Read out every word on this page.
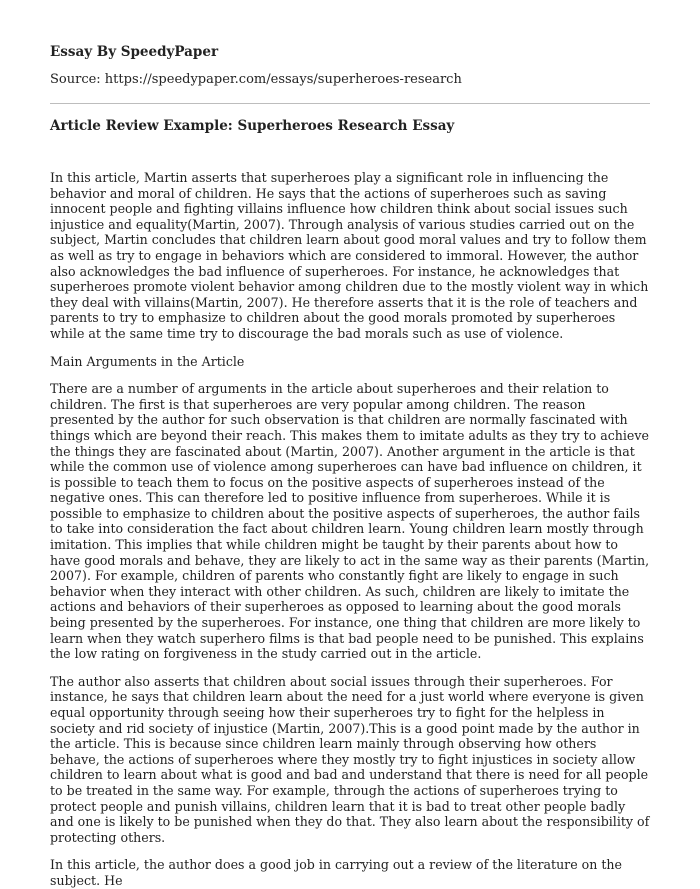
Essay By SpeedyPaper
Source: https://speedypaper.com/essays/superheroes-research
Article Review Example: Superheroes Research Essay

In this article, Martin asserts that superheroes play a significant role in influencing the behavior and moral of children. He says that the actions of superheroes such as saving innocent people and fighting villains influence how children think about social issues such injustice and equality(Martin, 2007). Through analysis of various studies carried out on the subject, Martin concludes that children learn about good moral values and try to follow them as well as try to engage in behaviors which are considered to immoral. However, the author also acknowledges the bad influence of superheroes. For instance, he acknowledges that superheroes promote violent behavior among children due to the mostly violent way in which they deal with villains(Martin, 2007). He therefore asserts that it is the role of teachers and parents to try to emphasize to children about the good morals promoted by superheroes while at the same time try to discourage the bad morals such as use of violence.

Main Arguments in the Article

There are a number of arguments in the article about superheroes and their relation to children. The first is that superheroes are very popular among children. The reason presented by the author for such observation is that children are normally fascinated with things which are beyond their reach. This makes them to imitate adults as they try to achieve the things they are fascinated about (Martin, 2007). Another argument in the article is that while the common use of violence among superheroes can have bad influence on children, it is possible to teach them to focus on the positive aspects of superheroes instead of the negative ones. This can therefore led to positive influence from superheroes. While it is possible to emphasize to children about the positive aspects of superheroes, the author fails to take into consideration the fact about children learn. Young children learn mostly through imitation. This implies that while children might be taught by their parents about how to have good morals and behave, they are likely to act in the same way as their parents (Martin, 2007). For example, children of parents who constantly fight are likely to engage in such behavior when they interact with other children. As such, children are likely to imitate the actions and behaviors of their superheroes as opposed to learning about the good morals being presented by the superheroes. For instance, one thing that children are more likely to learn when they watch superhero films is that bad people need to be punished. This explains the low rating on forgiveness in the study carried out in the article.

The author also asserts that children about social issues through their superheroes. For instance, he says that children learn about the need for a just world where everyone is given equal opportunity through seeing how their superheroes try to fight for the helpless in society and rid society of injustice (Martin, 2007).This is a good point made by the author in the article. This is because since children learn mainly through observing how others behave, the actions of superheroes where they mostly try to fight injustices in society allow children to learn about what is good and bad and understand that there is need for all people to be treated in the same way. For example, through the actions of superheroes trying to protect people and punish villains, children learn that it is bad to treat other people badly and one is likely to be punished when they do that. They also learn about the responsibility of protecting others.

In this article, the author does a good job in carrying out a review of the literature on the subject. He
